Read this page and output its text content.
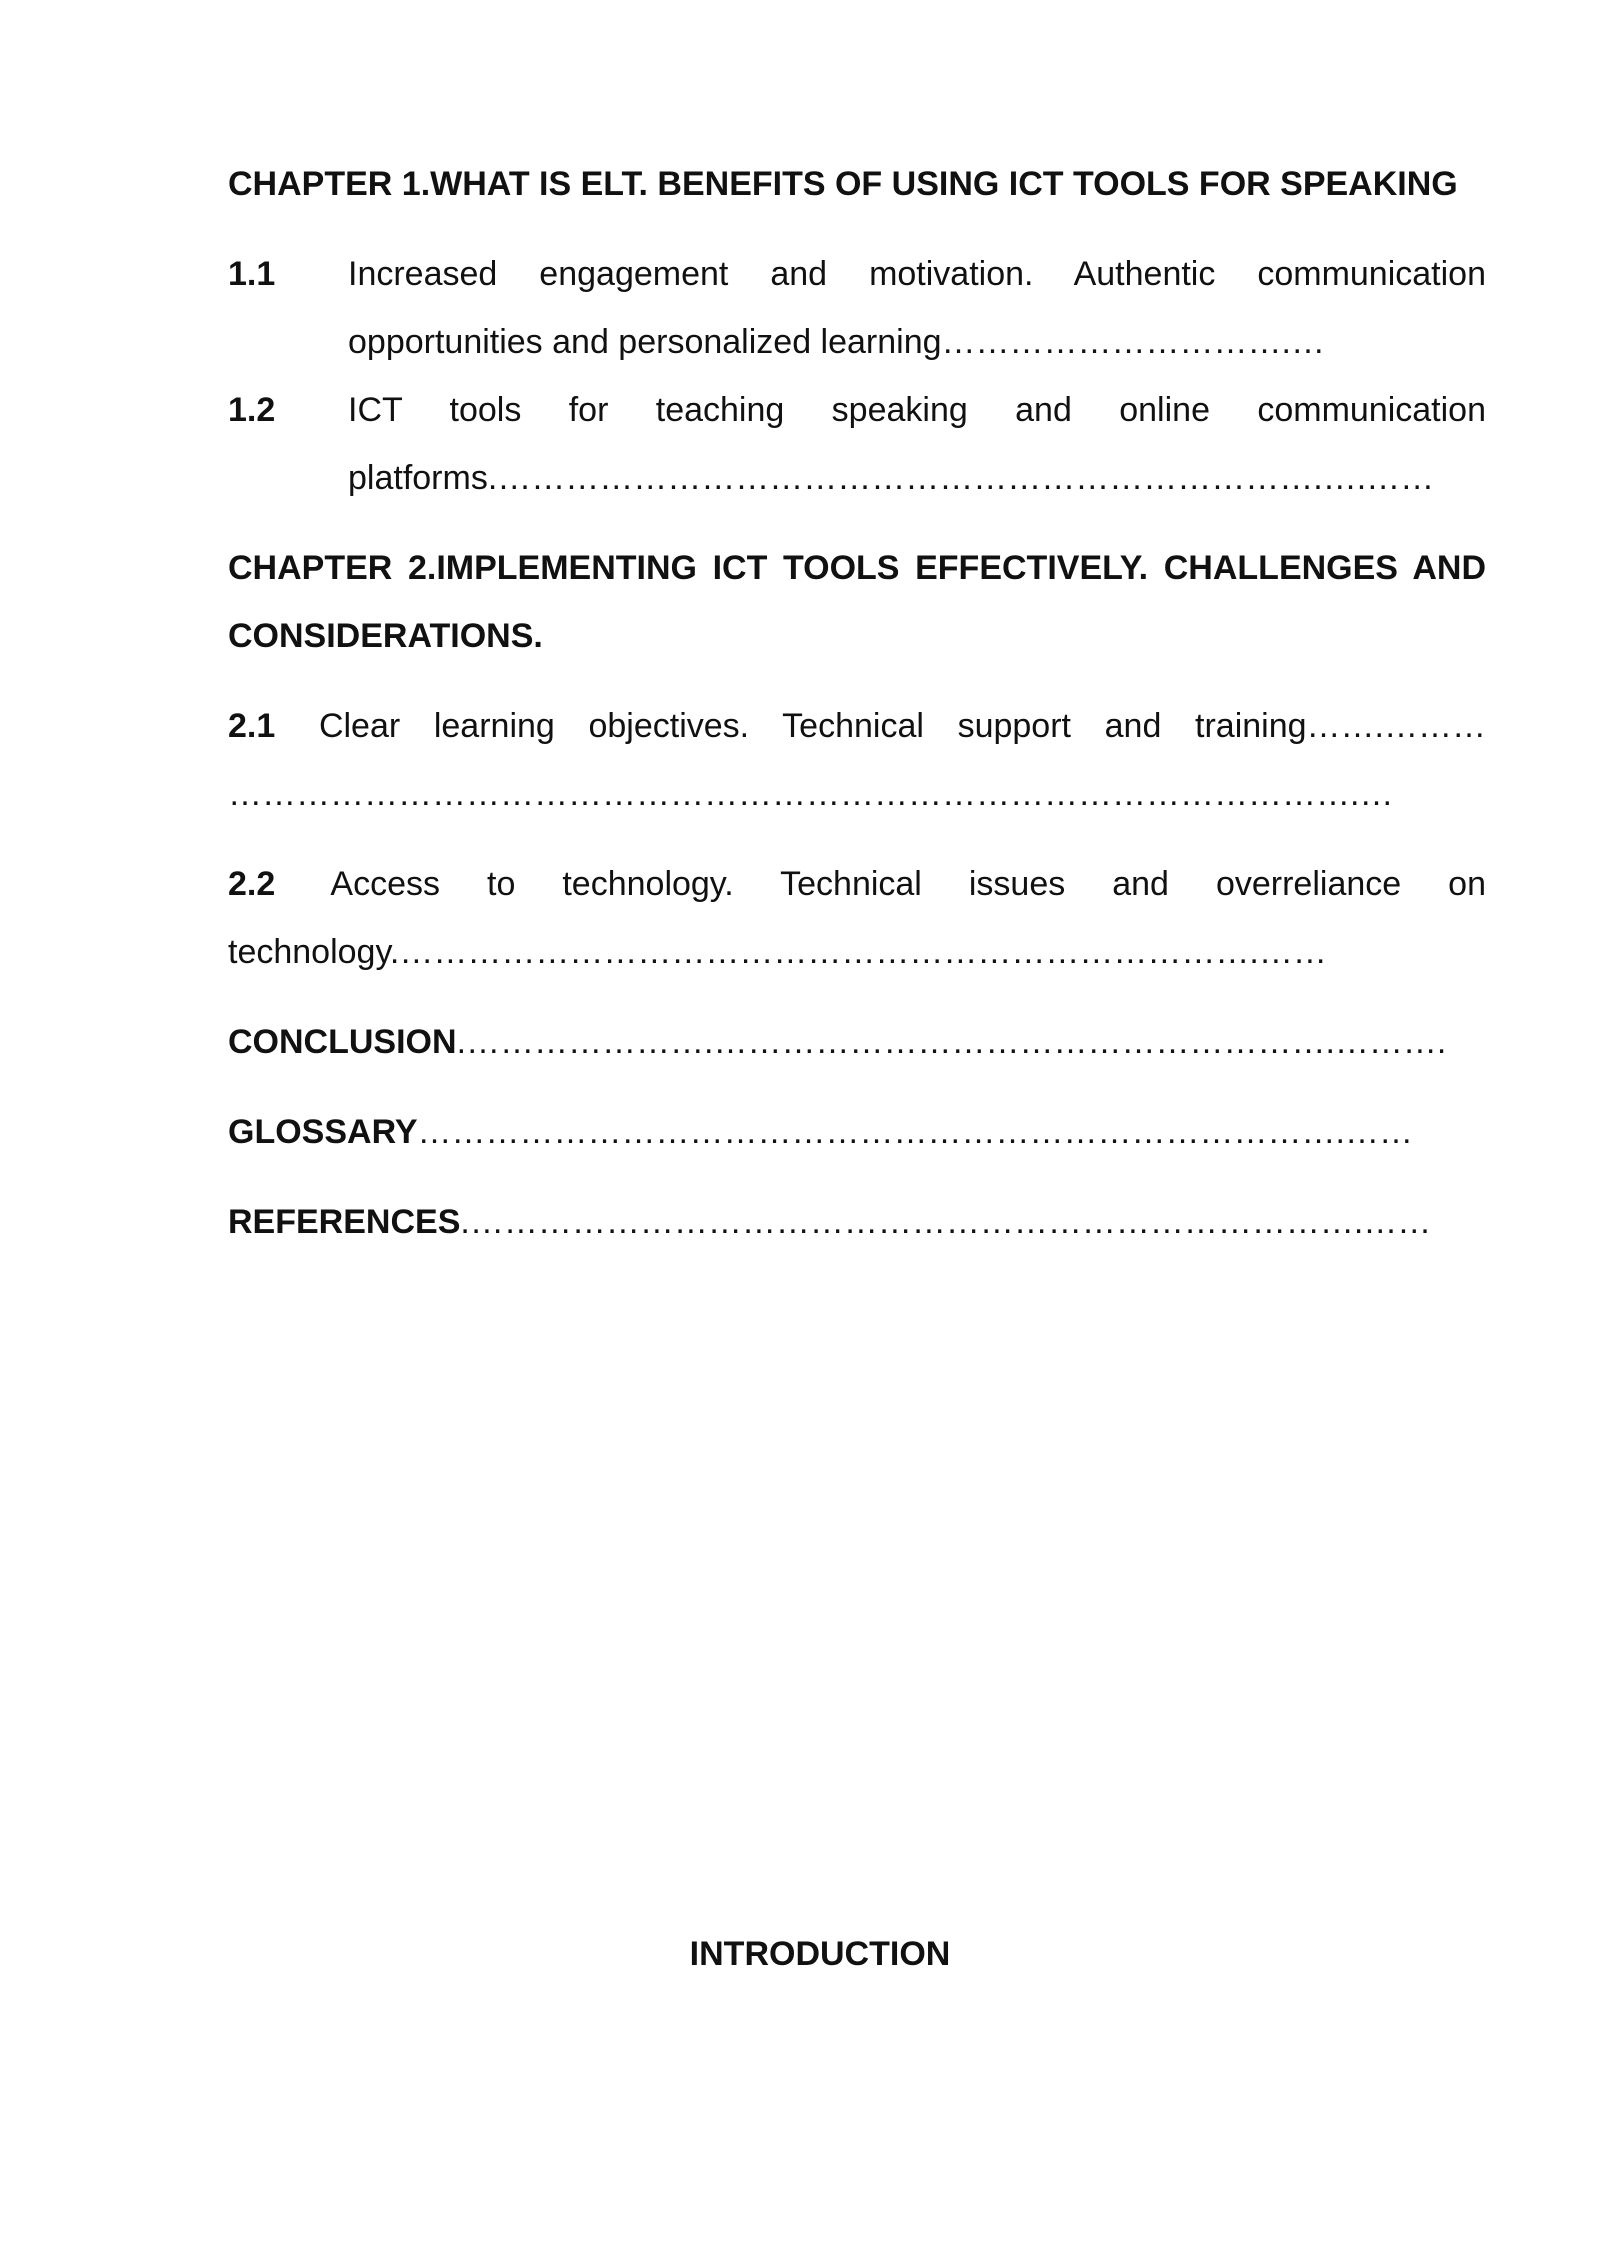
CHAPTER 1.WHAT IS ELT. BENEFITS OF USING ICT TOOLS FOR SPEAKING
1.1	Increased engagement and motivation. Authentic communication opportunities and personalized learning………………………….…
1.2	ICT tools for teaching speaking and online communication platforms.……………………………………………………………….….……
CHAPTER 2.IMPLEMENTING ICT TOOLS EFFECTIVELY. CHALLENGES AND CONSIDERATIONS.
2.1 Clear learning objectives. Technical support and training…….……… ……………………………………………………………………………………….…
2.2 Access to technology. Technical issues and overreliance on technology.………………………………………………………………….……
CONCLUSION.………………….……………………………………………….……….
GLOSSARY……………………………………………………………………….……
REFERENCES.…………………………………………………………………….……
INTRODUCTION
